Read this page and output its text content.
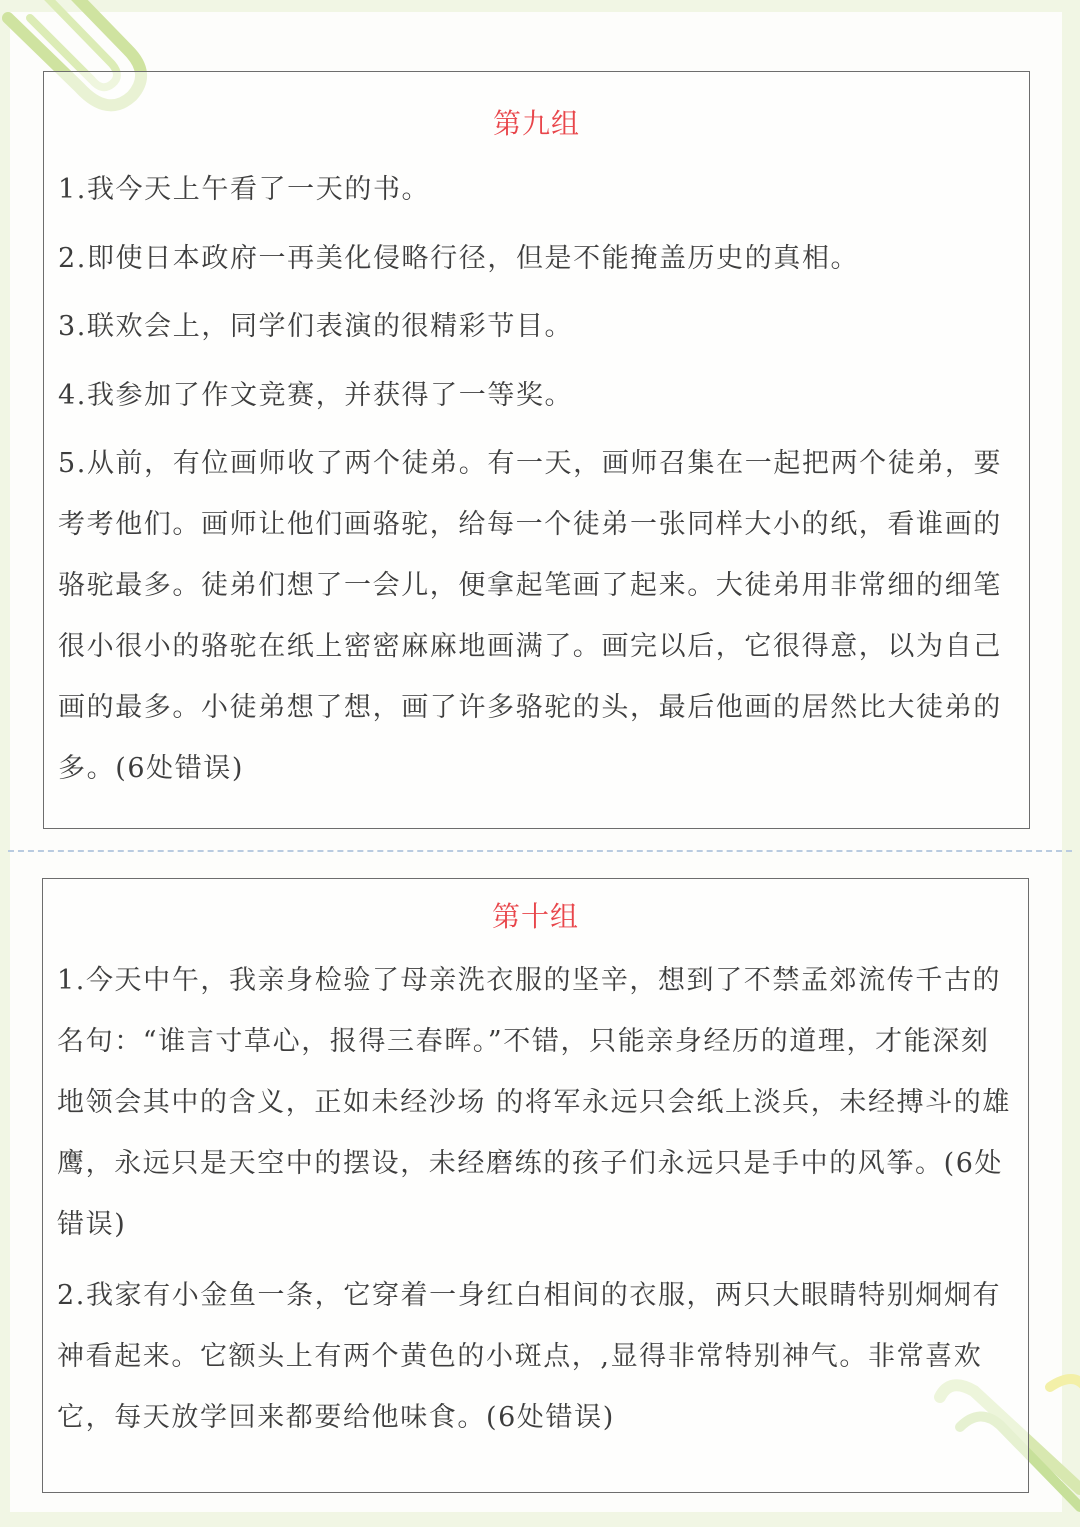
第九组

1.我今天上午看了一天的书。

2.即使日本政府一再美化侵略行径，但是不能掩盖历史的真相。

3.联欢会上，同学们表演的很精彩节目。

4.我参加了作文竞赛，并获得了一等奖。

5.从前，有位画师收了两个徒弟。有一天，画师召集在一起把两个徒弟，要考考他们。画师让他们画骆驼，给每一个徒弟一张同样大小的纸，看谁画的骆驼最多。徒弟们想了一会儿，便拿起笔画了起来。大徒弟用非常细的细笔很小很小的骆驼在纸上密密麻麻地画满了。画完以后，它很得意，以为自己画的最多。小徒弟想了想，画了许多骆驼的头，最后他画的居然比大徒弟的多。(6处错误)

第十组

1.今天中午，我亲身检验了母亲洗衣服的坚辛，想到了不禁孟郊流传千古的名句：“谁言寸草心，报得三春晖。”不错，只能亲身经历的道理，才能深刻地领会其中的含义，正如未经沙场 的将军永远只会纸上淡兵，未经搏斗的雄鹰，永远只是天空中的摆设，未经磨练的孩子们永远只是手中的风筝。(6处错误)

2.我家有小金鱼一条，它穿着一身红白相间的衣服，两只大眼睛特别炯炯有神看起来。它额头上有两个黄色的小斑点，,显得非常特别神气。非常喜欢它，每天放学回来都要给他味食。(6处错误)
